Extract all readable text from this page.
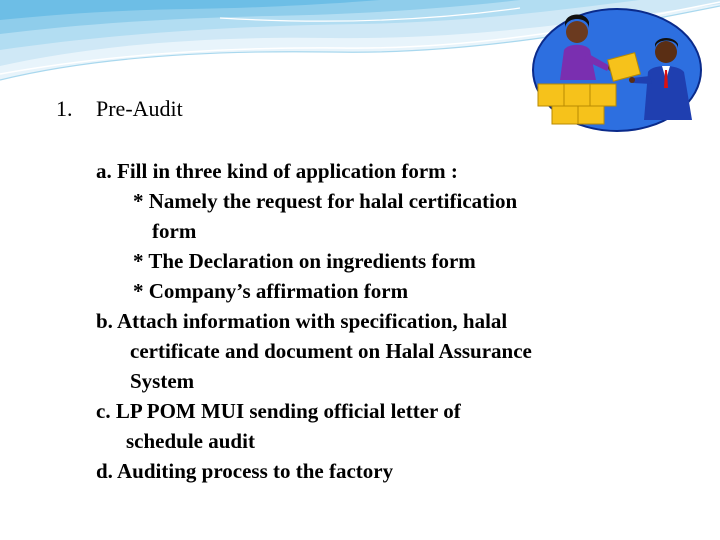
1. Pre-Audit
a. Fill in three kind of application form :
* Namely the request for halal certification
form
* The Declaration on ingredients form
* Company’s affirmation form
b. Attach information with specification, halal
certificate and document on Halal Assurance
System
c. LP POM MUI sending official letter of
schedule audit
d. Auditing process to the factory
